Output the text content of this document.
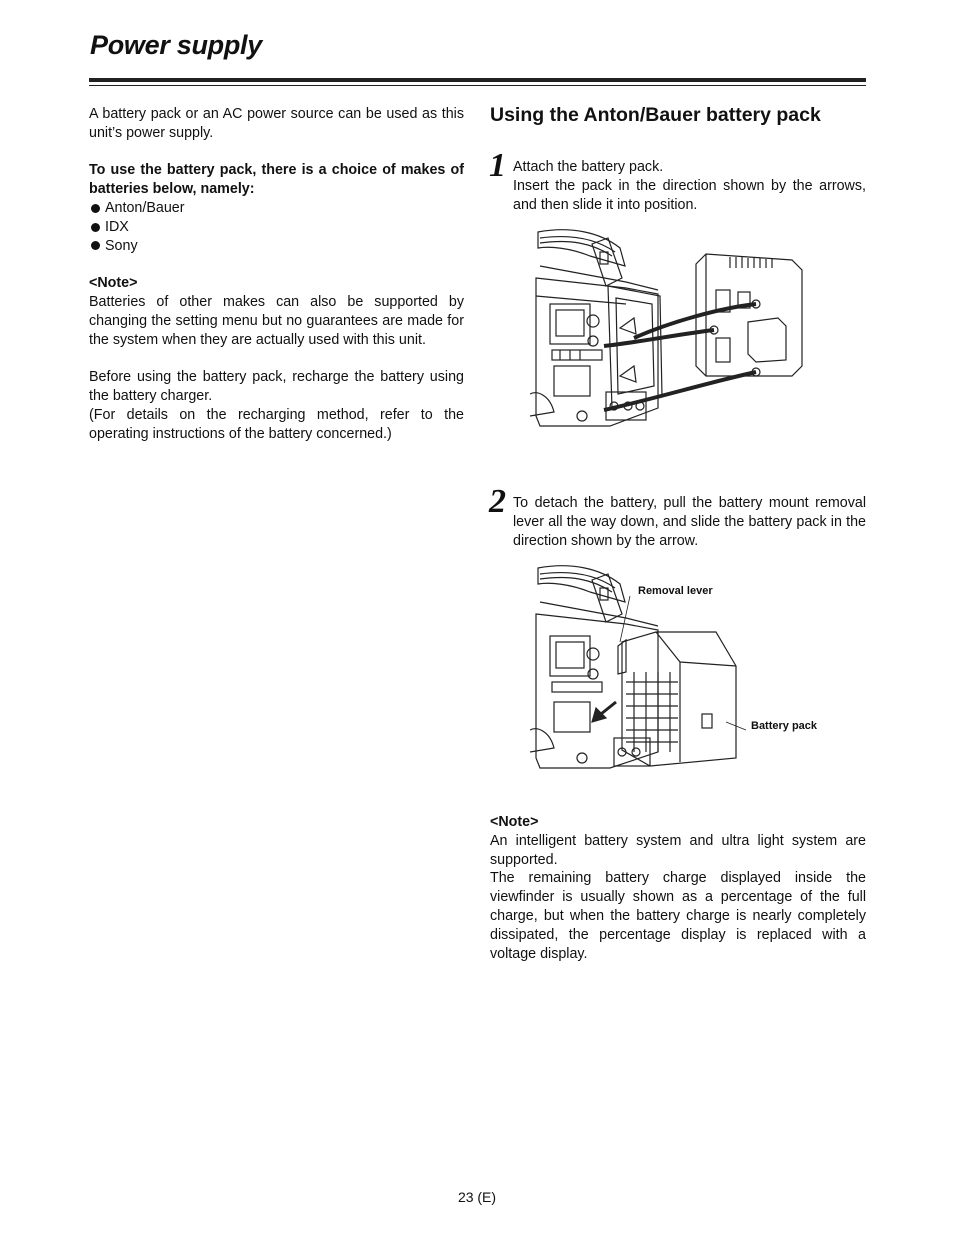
Power supply

A battery pack or an AC power source can be used as this unit’s power supply.

To use the battery pack, there is a choice of makes of batteries below, namely:

Anton/Bauer
IDX
Sony

<Note>

Batteries of other makes can also be supported by changing the setting menu but no guarantees are made for the system when they are actually used with this unit.

Before using the battery pack, recharge the battery using the battery charger.

(For details on the recharging method, refer to the operating instructions of the battery concerned.)

Using the Anton/Bauer battery pack
1 Attach the battery pack.

Insert the pack in the direction shown by the arrows, and then slide it into position.

2 To detach the battery, pull the battery mount removal lever all the way down, and slide the battery pack in the direction shown by the arrow.

Removal lever
Battery pack

<Note>

An intelligent battery system and ultra light system are supported.

The remaining battery charge displayed inside the viewfinder is usually shown as a percentage of the full charge, but when the battery charge is nearly completely dissipated, the percentage display is replaced with a voltage display.

23 (E)
